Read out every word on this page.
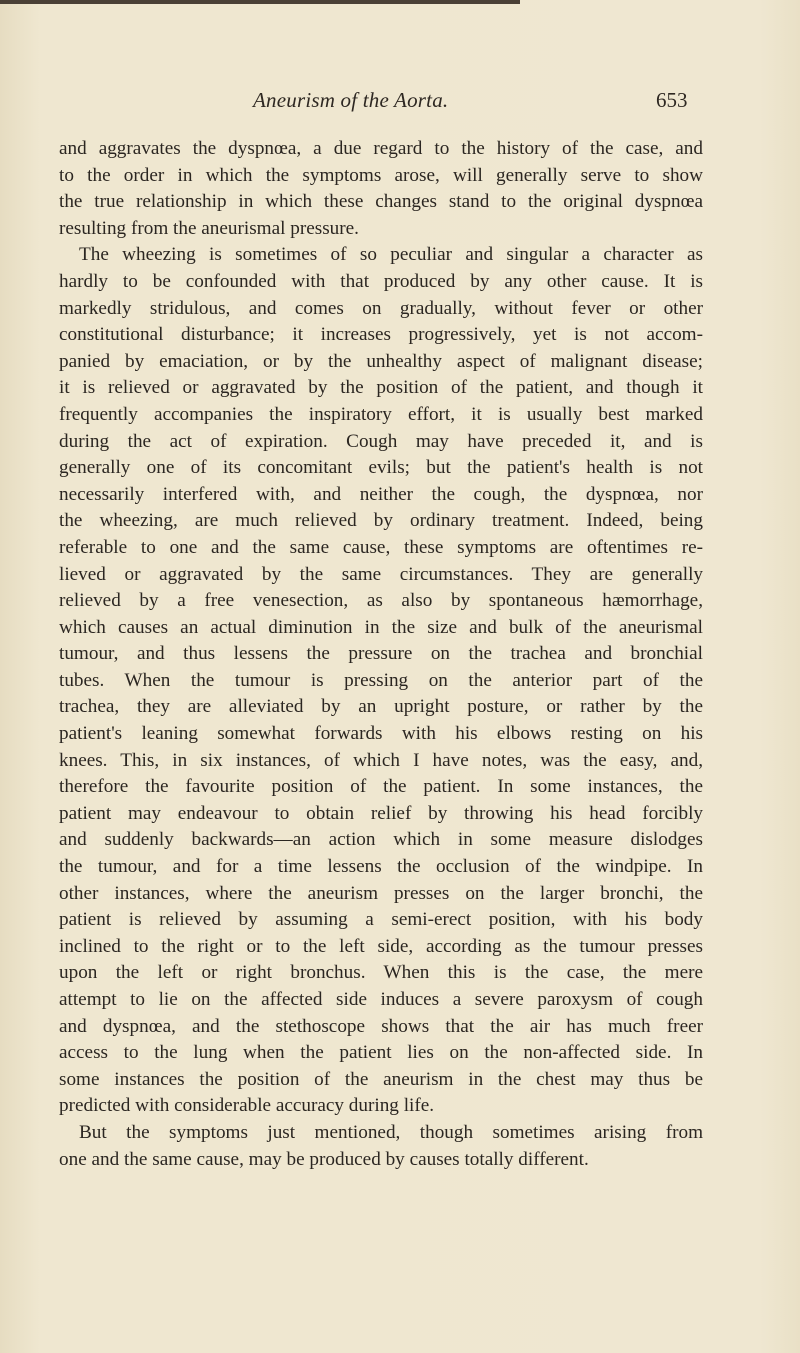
Aneurism of the Aorta.	653
and aggravates the dyspnœa, a due regard to the history of the case, and
to the order in which the symptoms arose, will generally serve to show
the true relationship in which these changes stand to the original dyspnœa
resulting from the aneurismal pressure.
The wheezing is sometimes of so peculiar and singular a character as
hardly to be confounded with that produced by any other cause. It is
markedly stridulous, and comes on gradually, without fever or other
constitutional disturbance; it increases progressively, yet is not accom-
panied by emaciation, or by the unhealthy aspect of malignant disease;
it is relieved or aggravated by the position of the patient, and though it
frequently accompanies the inspiratory effort, it is usually best marked
during the act of expiration. Cough may have preceded it, and is
generally one of its concomitant evils; but the patient's health is not
necessarily interfered with, and neither the cough, the dyspnœa, nor
the wheezing, are much relieved by ordinary treatment. Indeed, being
referable to one and the same cause, these symptoms are oftentimes re-
lieved or aggravated by the same circumstances. They are generally
relieved by a free venesection, as also by spontaneous hæmorrhage,
which causes an actual diminution in the size and bulk of the aneurismal
tumour, and thus lessens the pressure on the trachea and bronchial
tubes. When the tumour is pressing on the anterior part of the
trachea, they are alleviated by an upright posture, or rather by the
patient's leaning somewhat forwards with his elbows resting on his
knees. This, in six instances, of which I have notes, was the easy, and,
therefore the favourite position of the patient. In some instances, the
patient may endeavour to obtain relief by throwing his head forcibly
and suddenly backwards—an action which in some measure dislodges
the tumour, and for a time lessens the occlusion of the windpipe. In
other instances, where the aneurism presses on the larger bronchi, the
patient is relieved by assuming a semi-erect position, with his body
inclined to the right or to the left side, according as the tumour presses
upon the left or right bronchus. When this is the case, the mere
attempt to lie on the affected side induces a severe paroxysm of cough
and dyspnœa, and the stethoscope shows that the air has much freer
access to the lung when the patient lies on the non-affected side. In
some instances the position of the aneurism in the chest may thus be
predicted with considerable accuracy during life.
But the symptoms just mentioned, though sometimes arising from
one and the same cause, may be produced by causes totally different.
